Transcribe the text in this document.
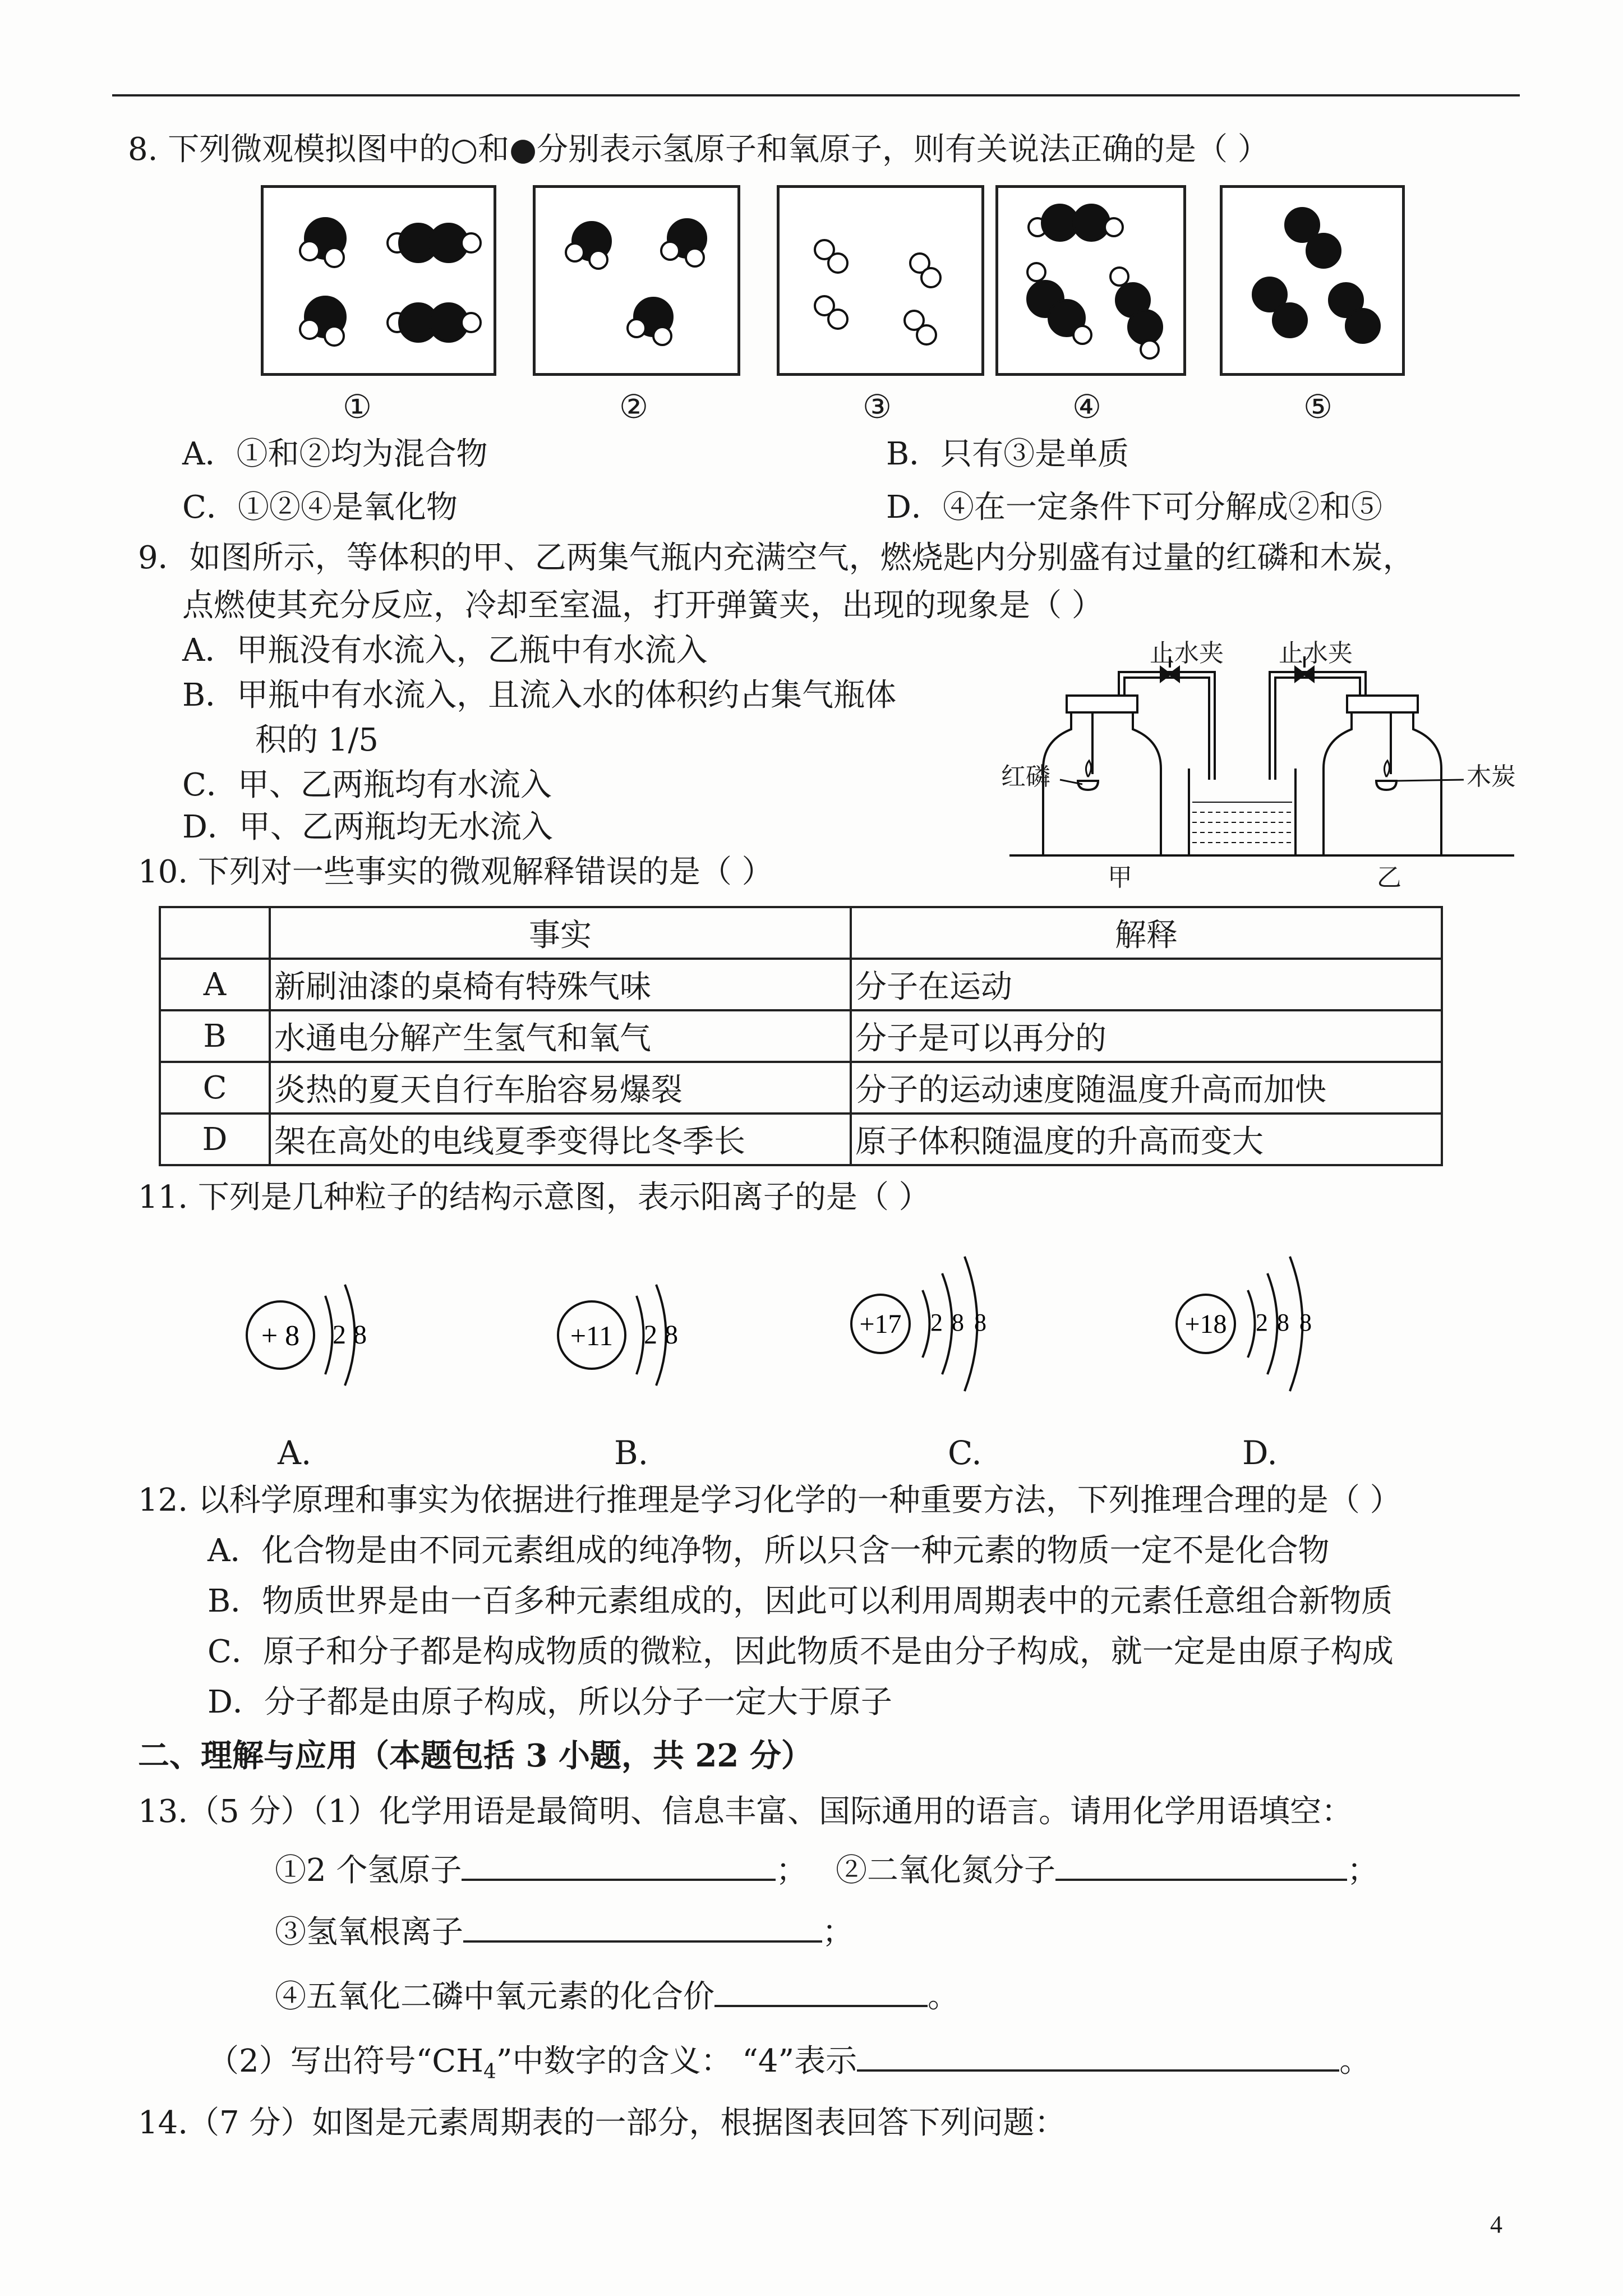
8. 下列微观模拟图中的○和●分别表示氢原子和氧原子，则有关说法正确的是（ ）
①	②	③	④	⑤
A．①和②均为混合物	B．只有③是单质
C．①②④是氧化物	D．④在一定条件下可分解成②和⑤
9．如图所示，等体积的甲、乙两集气瓶内充满空气，燃烧匙内分别盛有过量的红磷和木炭，
点燃使其充分反应，冷却至室温，打开弹簧夹，出现的现象是（ ）
A．甲瓶没有水流入，乙瓶中有水流入
B．甲瓶中有水流入，且流入水的体积约占集气瓶体
积的 1/5
C．甲、乙两瓶均有水流入
D．甲、乙两瓶均无水流入
止水夹 止水夹
红磷	木炭
甲	乙
10. 下列对一些事实的微观解释错误的是（ ）
	事实	解释
A	新刷油漆的桌椅有特殊气味	分子在运动
B	水通电分解产生氢气和氧气	分子是可以再分的
C	炎热的夏天自行车胎容易爆裂	分子的运动速度随温度升高而加快
D	架在高处的电线夏季变得比冬季长	原子体积随温度的升高而变大
11. 下列是几种粒子的结构示意图，表示阳离子的是（ ）
+ 8 2 8	+11 2 8	+17 2 8 8	+18 2 8 8
A.	B.	C.	D.
12. 以科学原理和事实为依据进行推理是学习化学的一种重要方法，下列推理合理的是（ ）
A．化合物是由不同元素组成的纯净物，所以只含一种元素的物质一定不是化合物
B．物质世界是由一百多种元素组成的，因此可以利用周期表中的元素任意组合新物质
C．原子和分子都是构成物质的微粒，因此物质不是由分子构成，就一定是由原子构成
D．分子都是由原子构成，所以分子一定大于原子
二、理解与应用（本题包括 3 小题，共 22 分）
13.（5 分）（1）化学用语是最简明、信息丰富、国际通用的语言。请用化学用语填空：
①2 个氢原子	； ②二氧化氮分子	；
③氢氧根离子	；
④五氧化二磷中氧元素的化合价	。
（2）写出符号“$CH_4$”中数字的含义： “4”表示	。
14.（7 分）如图是元素周期表的一部分，根据图表回答下列问题：
4
